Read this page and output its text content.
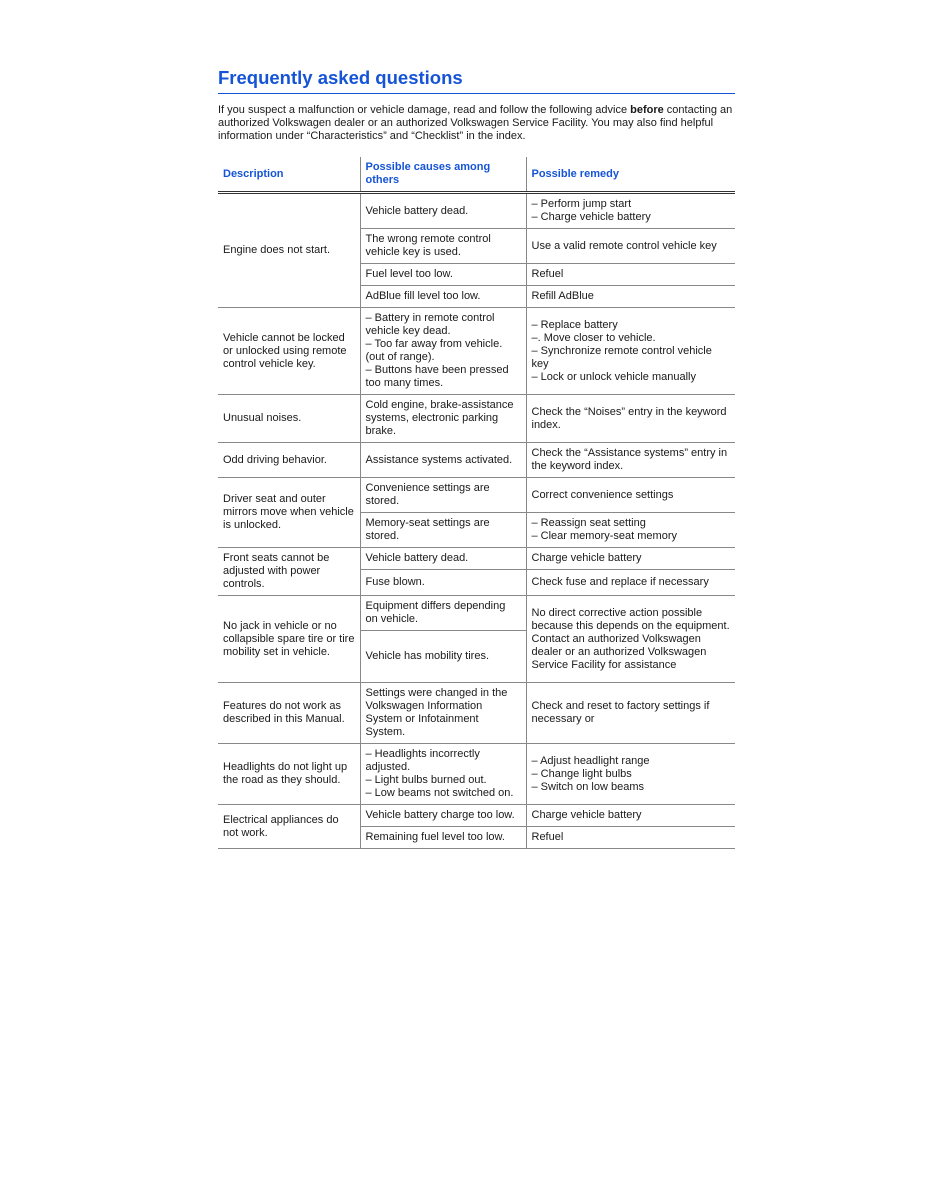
Frequently asked questions

If you suspect a malfunction or vehicle damage, read and follow the following advice before contacting an authorized Volkswagen dealer or an authorized Volkswagen Service Facility. You may also find helpful information under “Characteristics” and “Checklist” in the index.

Description	Possible causes among others	Possible remedy

Engine does not start.	Vehicle battery dead.	– Perform jump start
– Charge vehicle battery

	The wrong remote control vehicle key is used.	Use a valid remote control vehicle key

	Fuel level too low.	Refuel

	AdBlue fill level too low.	Refill AdBlue

Vehicle cannot be locked or unlocked using remote control vehicle key.	– Battery in remote control vehicle key dead.
– Too far away from vehicle. (out of range).
– Buttons have been pressed too many times.	– Replace battery
–. Move closer to vehicle.
– Synchronize remote control vehicle key
– Lock or unlock vehicle manually

Unusual noises.	Cold engine, brake-assistance systems, electronic parking brake.	Check the “Noises” entry in the keyword index.

Odd driving behavior.	Assistance systems activated.	Check the “Assistance systems” entry in the keyword index.

Driver seat and outer mirrors move when vehicle is unlocked.	Convenience settings are stored.	Correct convenience settings

	Memory-seat settings are stored.	– Reassign seat setting
– Clear memory-seat memory

Front seats cannot be adjusted with power controls.	Vehicle battery dead.	Charge vehicle battery

	Fuse blown.	Check fuse and replace if necessary

No jack in vehicle or no collapsible spare tire or tire mobility set in vehicle.	Equipment differs depending on vehicle.	No direct corrective action possible because this depends on the equipment. Contact an authorized Volkswagen dealer or an authorized Volkswagen Service Facility for assistance

	Vehicle has mobility tires.	

Features do not work as described in this Manual.	Settings were changed in the Volkswagen Information System or Infotainment System.	Check and reset to factory settings if necessary or

Headlights do not light up the road as they should.	– Headlights incorrectly adjusted.
– Light bulbs burned out.
– Low beams not switched on.	– Adjust headlight range
– Change light bulbs
– Switch on low beams

Electrical appliances do not work.	Vehicle battery charge too low.	Charge vehicle battery

	Remaining fuel level too low.	Refuel
